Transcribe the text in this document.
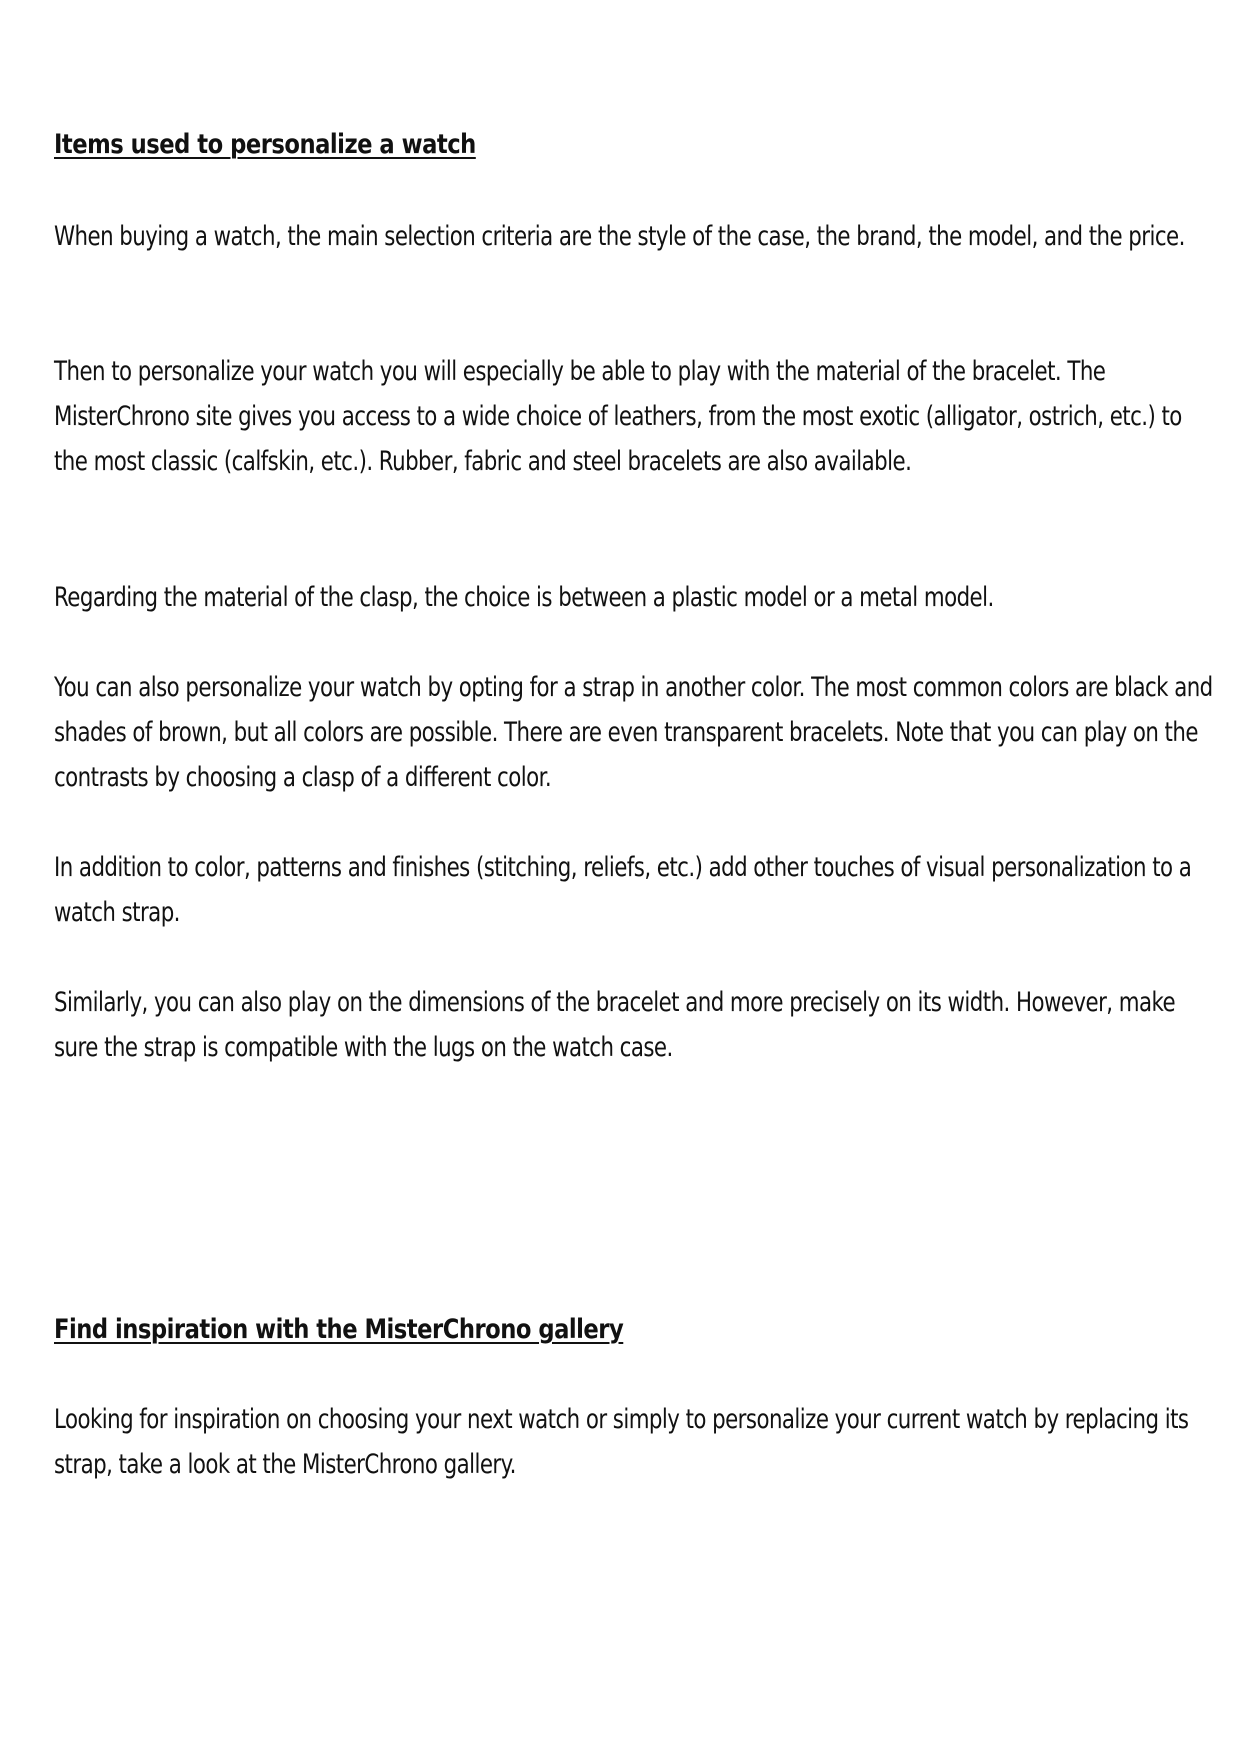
Items used to personalize a watch

When buying a watch, the main selection criteria are the style of the case, the brand, the model, and the price.

Then to personalize your watch you will especially be able to play with the material of the bracelet. The MisterChrono site gives you access to a wide choice of leathers, from the most exotic (alligator, ostrich, etc.) to the most classic (calfskin, etc.). Rubber, fabric and steel bracelets are also available.

Regarding the material of the clasp, the choice is between a plastic model or a metal model.

You can also personalize your watch by opting for a strap in another color. The most common colors are black and shades of brown, but all colors are possible. There are even transparent bracelets. Note that you can play on the contrasts by choosing a clasp of a different color.

In addition to color, patterns and finishes (stitching, reliefs, etc.) add other touches of visual personalization to a watch strap.

Similarly, you can also play on the dimensions of the bracelet and more precisely on its width. However, make sure the strap is compatible with the lugs on the watch case.

Find inspiration with the MisterChrono gallery

Looking for inspiration on choosing your next watch or simply to personalize your current watch by replacing its strap, take a look at the MisterChrono gallery.
